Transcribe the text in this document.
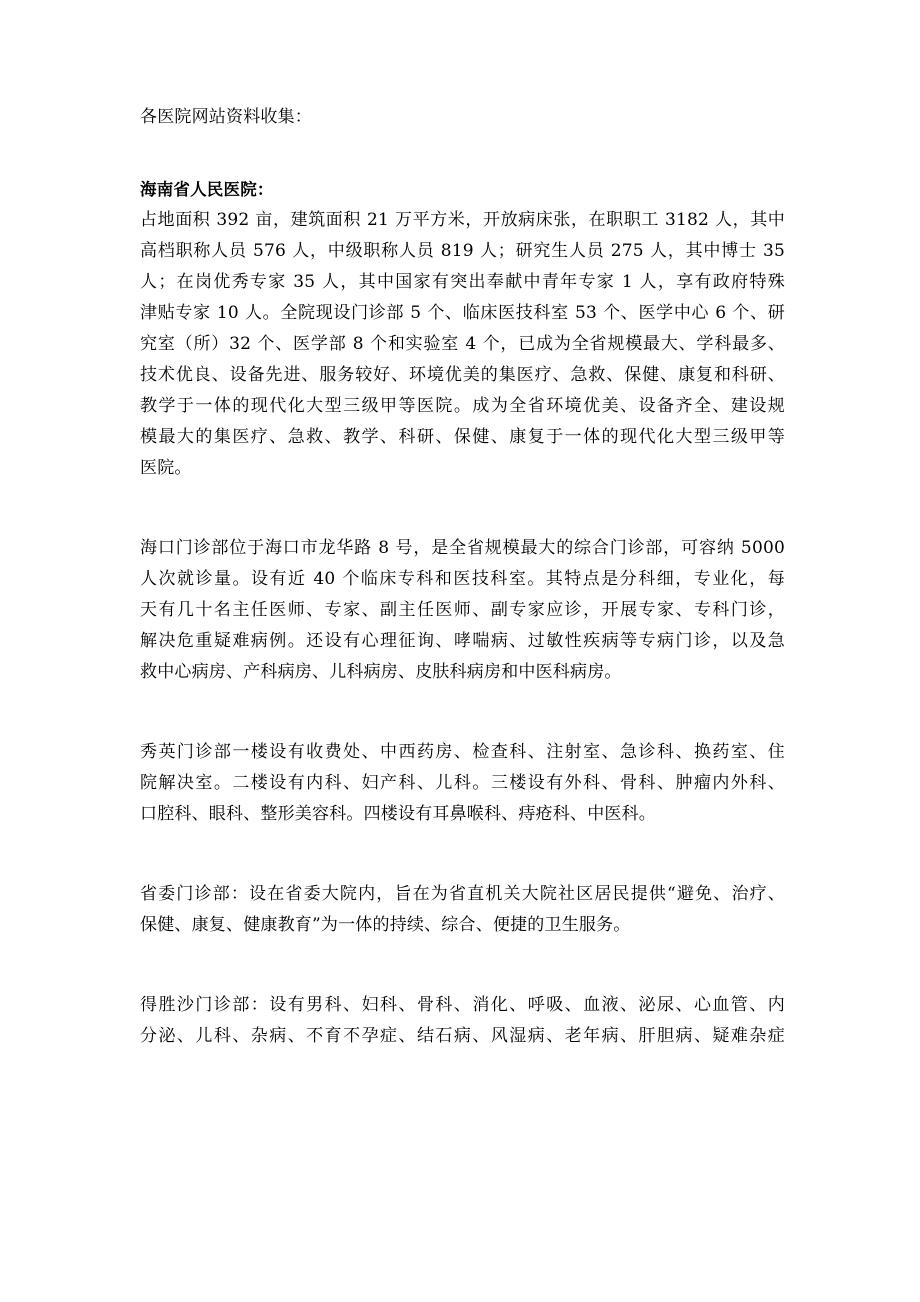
各医院网站资料收集：
海南省人民医院：
占地面积 392 亩，建筑面积 21 万平方米，开放病床张，在职职工 3182 人，其中
高档职称人员 576 人，中级职称人员 819 人；研究生人员 275 人，其中博士 35
人；在岗优秀专家 35 人，其中国家有突出奉献中青年专家 1 人，享有政府特殊
津贴专家 10 人。全院现设门诊部 5 个、临床医技科室 53 个、医学中心 6 个、研
究室（所）32 个、医学部 8 个和实验室 4 个，已成为全省规模最大、学科最多、
技术优良、设备先进、服务较好、环境优美的集医疗、急救、保健、康复和科研、
教学于一体的现代化大型三级甲等医院。成为全省环境优美、设备齐全、建设规
模最大的集医疗、急救、教学、科研、保健、康复于一体的现代化大型三级甲等
医院。
海口门诊部位于海口市龙华路 8 号，是全省规模最大的综合门诊部，可容纳 5000
人次就诊量。设有近 40 个临床专科和医技科室。其特点是分科细，专业化，每
天有几十名主任医师、专家、副主任医师、副专家应诊，开展专家、专科门诊，
解决危重疑难病例。还设有心理征询、哮喘病、过敏性疾病等专病门诊，以及急
救中心病房、产科病房、儿科病房、皮肤科病房和中医科病房。
秀英门诊部一楼设有收费处、中西药房、检查科、注射室、急诊科、换药室、住
院解决室。二楼设有内科、妇产科、儿科。三楼设有外科、骨科、肿瘤内外科、
口腔科、眼科、整形美容科。四楼设有耳鼻喉科、痔疮科、中医科。
省委门诊部：设在省委大院内，旨在为省直机关大院社区居民提供“避免、治疗、
保健、康复、健康教育”为一体的持续、综合、便捷的卫生服务。
得胜沙门诊部：设有男科、妇科、骨科、消化、呼吸、血液、泌尿、心血管、内
分泌、儿科、杂病、不育不孕症、结石病、风湿病、老年病、肝胆病、疑难杂症
